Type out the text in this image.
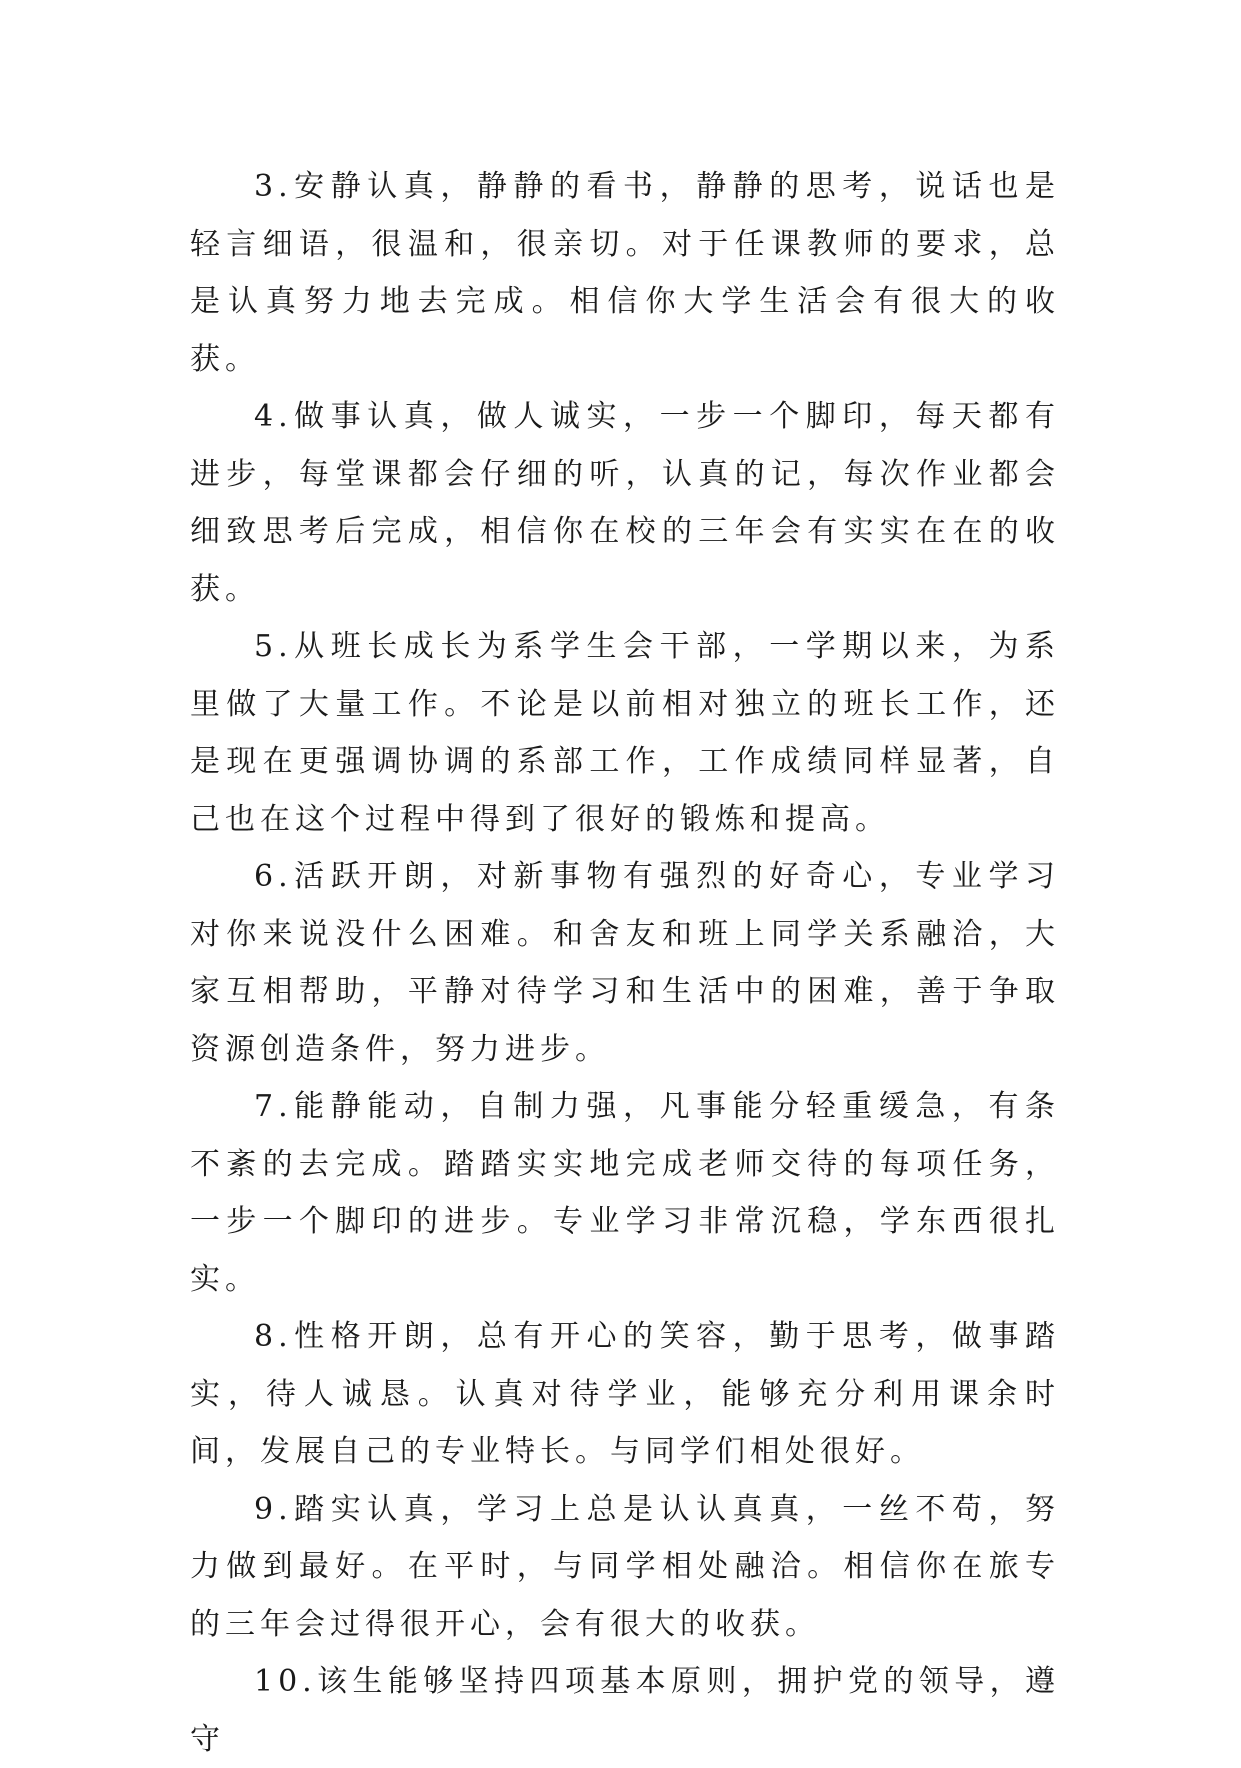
3.安静认真，静静的看书，静静的思考，说话也是轻言细语，很温和，很亲切。对于任课教师的要求，总是认真努力地去完成。相信你大学生活会有很大的收获。

4.做事认真，做人诚实，一步一个脚印，每天都有进步，每堂课都会仔细的听，认真的记，每次作业都会细致思考后完成，相信你在校的三年会有实实在在的收获。

5.从班长成长为系学生会干部，一学期以来，为系里做了大量工作。不论是以前相对独立的班长工作，还是现在更强调协调的系部工作，工作成绩同样显著，自己也在这个过程中得到了很好的锻炼和提高。

6.活跃开朗，对新事物有强烈的好奇心，专业学习对你来说没什么困难。和舍友和班上同学关系融洽，大家互相帮助，平静对待学习和生活中的困难，善于争取资源创造条件，努力进步。

7.能静能动，自制力强，凡事能分轻重缓急，有条不紊的去完成。踏踏实实地完成老师交待的每项任务，一步一个脚印的进步。专业学习非常沉稳，学东西很扎实。

8.性格开朗，总有开心的笑容，勤于思考，做事踏实，待人诚恳。认真对待学业，能够充分利用课余时间，发展自己的专业特长。与同学们相处很好。

9.踏实认真，学习上总是认认真真，一丝不苟，努力做到最好。在平时，与同学相处融洽。相信你在旅专的三年会过得很开心，会有很大的收获。

10.该生能够坚持四项基本原则，拥护党的领导，遵守
